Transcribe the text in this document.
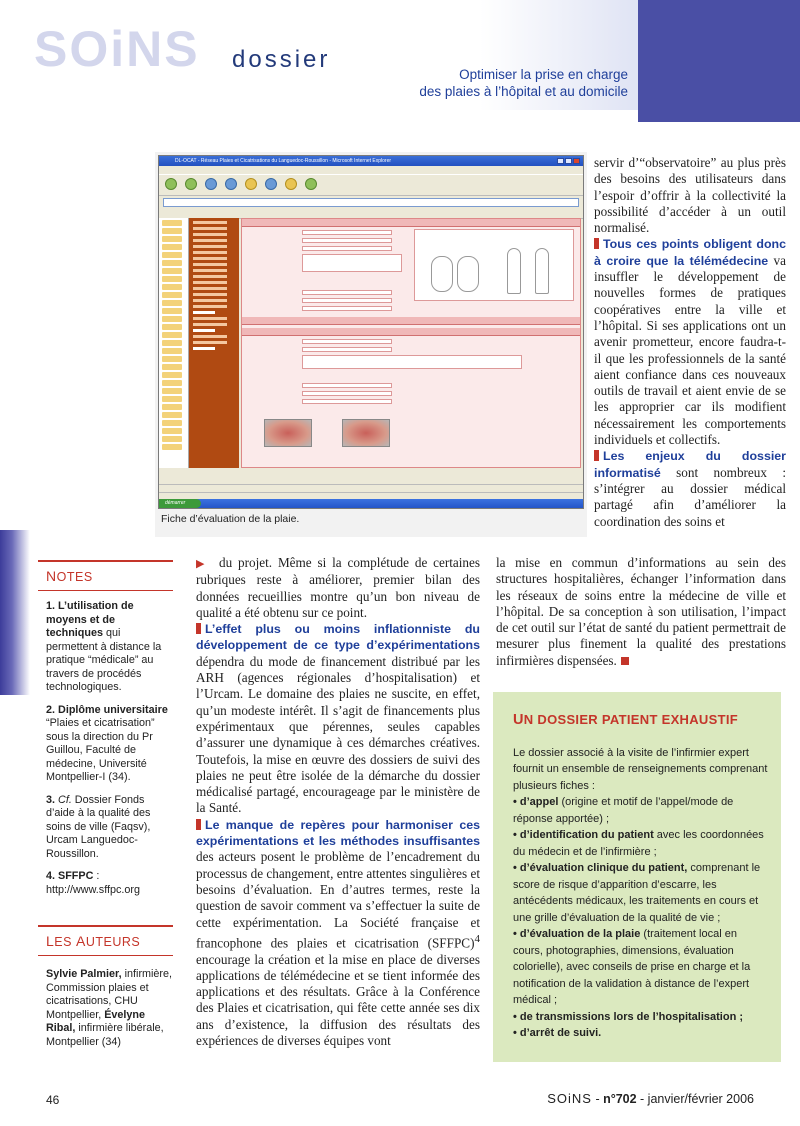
SOiNS dossier
Optimiser la prise en charge
des plaies à l’hôpital et au domicile
DL-OCAT - Réseau Plaies et Cicatrisations du Languedoc-Roussillon - Microsoft Internet Explorer
démarrer
Fiche d’évaluation de la plaie.
NOTES
1. L’utilisation de moyens et de techniques qui permettent à distance la pratique “médicale” au travers de procédés technologiques.
2. Diplôme universitaire “Plaies et cicatrisation” sous la direction du Pr Guillou, Faculté de médecine, Université Montpellier-I (34).
3. Cf. Dossier Fonds d’aide à la qualité des soins de ville (Faqsv), Urcam Languedoc-Roussillon.
4. SFFPC : http://www.sffpc.org
LES AUTEURS
Sylvie Palmier, infirmière, Commission plaies et cicatrisations, CHU Montpellier, Évelyne Ribal, infirmière libérale, Montpellier (34)

servir d’“observatoire” au plus près des besoins des utilisateurs dans l’espoir d’offrir à la collectivité la possibilité d’accéder à un outil normalisé.

Tous ces points obligent donc à croire que la télémédecine va insuffler le développement de nouvelles formes de pratiques coopératives entre la ville et l’hôpital. Si ses applications ont un avenir prometteur, encore faudra-t-il que les professionnels de la santé aient confiance dans ces nouveaux outils de travail et aient envie de se les approprier car ils modifient nécessairement les comportements individuels et collectifs.

Les enjeux du dossier informatisé sont nombreux : s’intégrer au dossier médical partagé afin d’améliorer la coordination des soins et

▶ du projet. Même si la complétude de certaines rubriques reste à améliorer, premier bilan des données recueillies montre qu’un bon niveau de qualité a été obtenu sur ce point.

L’effet plus ou moins inflationniste du développement de ce type d’expérimentations dépendra du mode de financement distribué par les ARH (agences régionales d’hospitalisation) et l’Urcam. Le domaine des plaies ne suscite, en effet, qu’un modeste intérêt. Il s’agit de financements plus expérimentaux que pérennes, seules capables d’assurer une dynamique à ces démarches créatives. Toutefois, la mise en œuvre des dossiers de suivi des plaies ne peut être isolée de la démarche du dossier médicalisé partagé, encourageage par le ministère de la Santé.

Le manque de repères pour harmoniser ces expérimentations et les méthodes insuffisantes des acteurs posent le problème de l’encadrement du processus de changement, entre attentes singulières et besoins d’évaluation. En d’autres termes, reste la question de savoir comment va s’effectuer la suite de cette expérimentation. La Société française et francophone des plaies et cicatrisation (SFFPC)$^4$ encourage la création et la mise en place de diverses applications de télémédecine et se tient informée des applications et des résultats. Grâce à la Conférence des Plaies et cicatrisation, qui fête cette année ses dix ans d’existence, la diffusion des résultats des expériences de diverses équipes vont

la mise en commun d’informations au sein des structures hospitalières, échanger l’information dans les réseaux de soins entre la médecine de ville et l’hôpital. De sa conception à son utilisation, l’impact de cet outil sur l’état de santé du patient permettrait de mesurer plus finement la qualité des prestations infirmières dispensées.

UN DOSSIER PATIENT EXHAUSTIF
Le dossier associé à la visite de l’infirmier expert fournit un ensemble de renseignements comprenant plusieurs fiches :
• d’appel (origine et motif de l’appel/mode de réponse apportée) ;
• d’identification du patient avec les coordonnées du médecin et de l’infirmière ;
• d’évaluation clinique du patient, comprenant le score de risque d’apparition d’escarre, les antécédents médicaux, les traitements en cours et une grille d’évaluation de la qualité de vie ;
• d’évaluation de la plaie (traitement local en cours, photographies, dimensions, évaluation colorielle), avec conseils de prise en charge et la notification de la validation à distance de l’expert médical ;
• de transmissions lors de l’hospitalisation ;
• d’arrêt de suivi.
46	SOiNS - n°702 - janvier/février 2006
